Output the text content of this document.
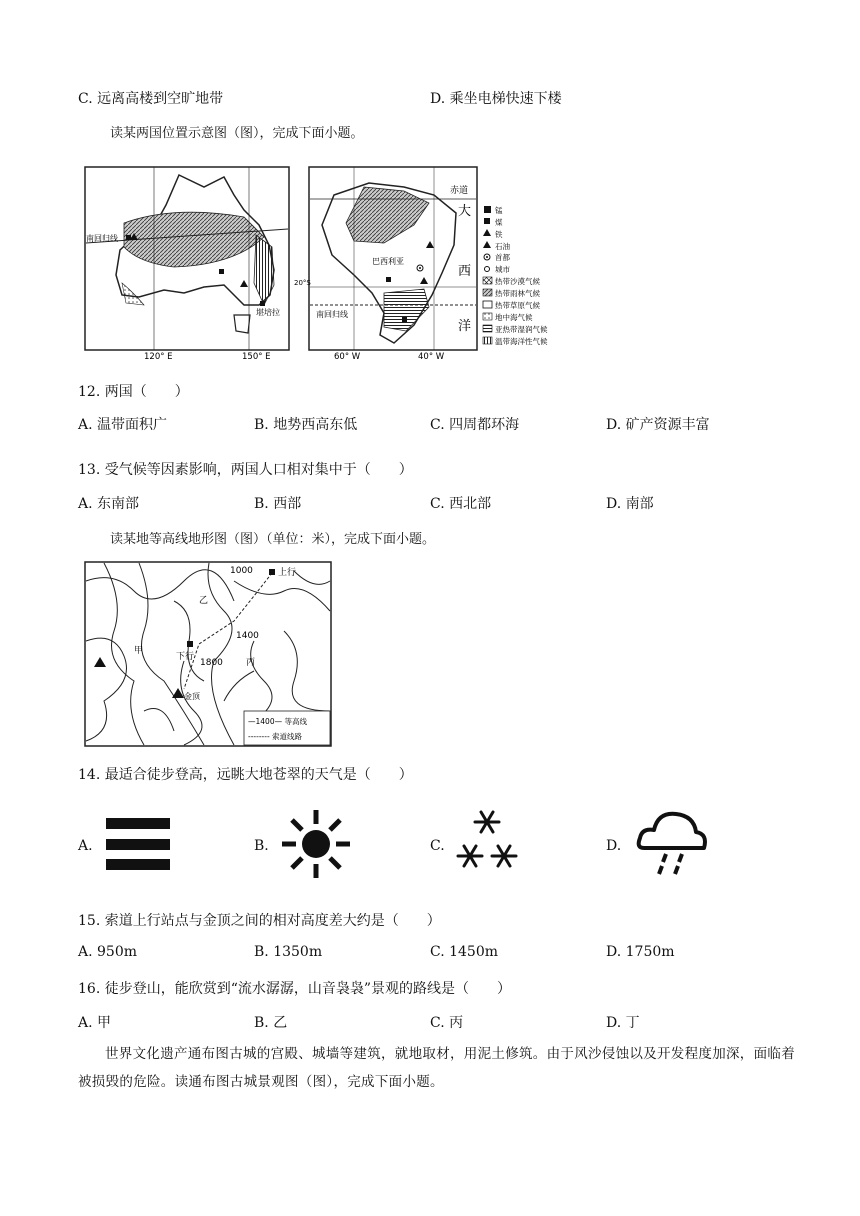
C. 远离高楼到空旷地带	D. 乘坐电梯快速下楼
读某两国位置示意图（图），完成下面小题。
南回归线
堪培拉
120° E	150° E
赤道
大
西
洋
巴西利亚
20°S
南回归线
60° W	40° W
锰
煤
铁
石油
首都
城市
热带沙漠气候
热带雨林气候
热带草原气候
地中海气候
亚热带湿润气候
温带海洋性气候
12. 两国（　　）
A. 温带面积广	B. 地势西高东低	C. 四周都环海	D. 矿产资源丰富
13. 受气候等因素影响，两国人口相对集中于（　　）
A. 东南部	B. 西部	C. 西北部	D. 南部
读某地等高线地形图（图）（单位：米），完成下面小题。
1000	上行
乙
1400
甲
下行
1800	丙
金顶
—1400— 等高线
-------- 索道线路
14. 最适合徒步登高，远眺大地苍翠的天气是（　　）
A.	B.	C.	D.
15. 索道上行站点与金顶之间的相对高度差大约是（　　）
A. 950m	B. 1350m	C. 1450m	D. 1750m
16. 徒步登山，能欣赏到“流水潺潺，山音袅袅”景观的路线是（　　）
A. 甲	B. 乙	C. 丙	D. 丁
世界文化遗产通布图古城的宫殿、城墙等建筑，就地取材，用泥土修筑。由于风沙侵蚀以及开发程度加深，面临着被损毁的危险。读通布图古城景观图（图），完成下面小题。
